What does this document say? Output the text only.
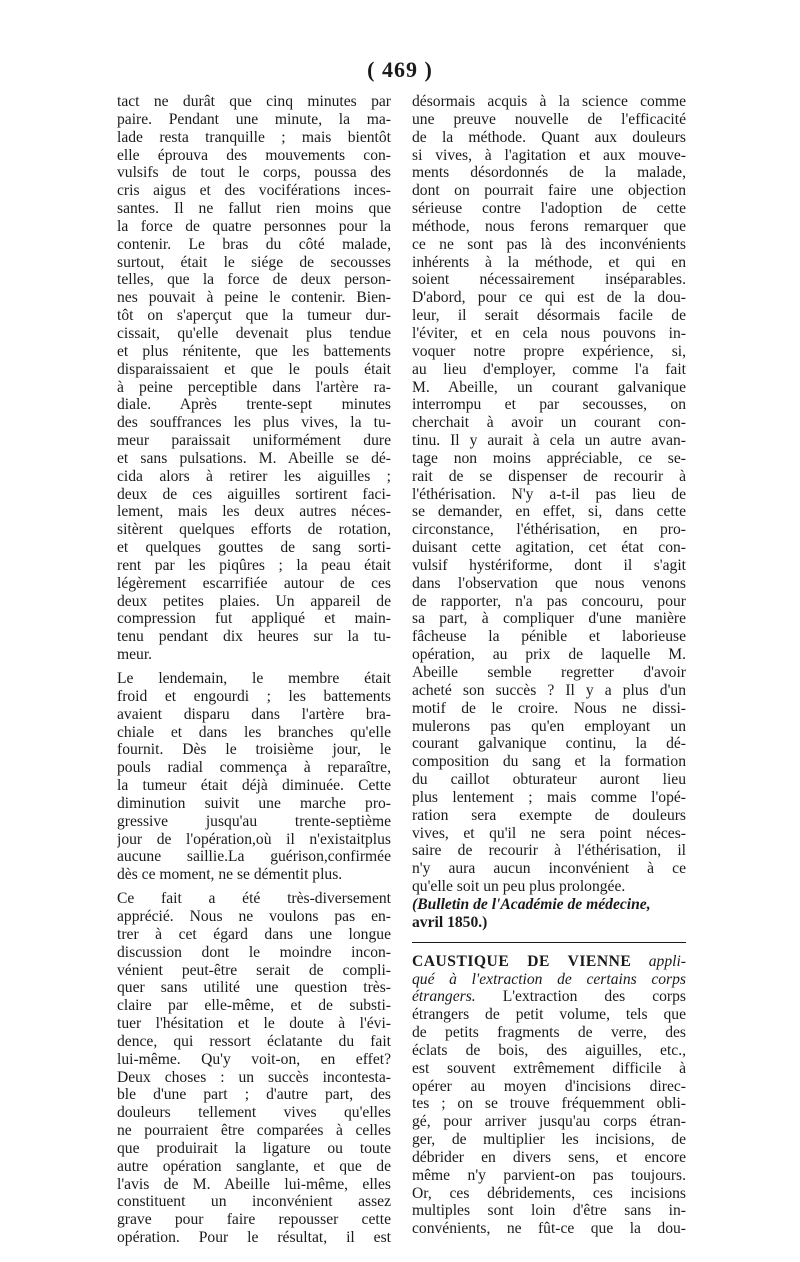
( 469 )
tact ne durât que cinq minutes par
paire. Pendant une minute, la ma-
lade resta tranquille ; mais bientôt
elle éprouva des mouvements con-
vulsifs de tout le corps, poussa des
cris aigus et des vociférations inces-
santes. Il ne fallut rien moins que
la force de quatre personnes pour la
contenir. Le bras du côté malade,
surtout, était le siége de secousses
telles, que la force de deux person-
nes pouvait à peine le contenir. Bien-
tôt on s'aperçut que la tumeur dur-
cissait, qu'elle devenait plus tendue
et plus rénitente, que les battements
disparaissaient et que le pouls était
à peine perceptible dans l'artère ra-
diale. Après trente-sept minutes
des souffrances les plus vives, la tu-
meur paraissait uniformément dure
et sans pulsations. M. Abeille se dé-
cida alors à retirer les aiguilles ;
deux de ces aiguilles sortirent faci-
lement, mais les deux autres néces-
sitèrent quelques efforts de rotation,
et quelques gouttes de sang sorti-
rent par les piqûres ; la peau était
légèrement escarrifiée autour de ces
deux petites plaies. Un appareil de
compression fut appliqué et main-
tenu pendant dix heures sur la tu-
meur.
Le lendemain, le membre était
froid et engourdi ; les battements
avaient disparu dans l'artère bra-
chiale et dans les branches qu'elle
fournit. Dès le troisième jour, le
pouls radial commença à reparaître,
la tumeur était déjà diminuée. Cette
diminution suivit une marche pro-
gressive jusqu'au trente-septième
jour de l'opération,où il n'existaitplus
aucune saillie.La guérison,confirmée
dès ce moment, ne se démentit plus.
Ce fait a été très-diversement
apprécié. Nous ne voulons pas en-
trer à cet égard dans une longue
discussion dont le moindre incon-
vénient peut-être serait de compli-
quer sans utilité une question très-
claire par elle-même, et de substi-
tuer l'hésitation et le doute à l'évi-
dence, qui ressort éclatante du fait
lui-même. Qu'y voit-on, en effet?
Deux choses : un succès incontesta-
ble d'une part ; d'autre part, des
douleurs tellement vives qu'elles
ne pourraient être comparées à celles
que produirait la ligature ou toute
autre opération sanglante, et que de
l'avis de M. Abeille lui-même, elles
constituent un inconvénient assez
grave pour faire repousser cette
opération. Pour le résultat, il est
désormais acquis à la science comme
une preuve nouvelle de l'efficacité
de la méthode. Quant aux douleurs
si vives, à l'agitation et aux mouve-
ments désordonnés de la malade,
dont on pourrait faire une objection
sérieuse contre l'adoption de cette
méthode, nous ferons remarquer que
ce ne sont pas là des inconvénients
inhérents à la méthode, et qui en
soient nécessairement inséparables.
D'abord, pour ce qui est de la dou-
leur, il serait désormais facile de
l'éviter, et en cela nous pouvons in-
voquer notre propre expérience, si,
au lieu d'employer, comme l'a fait
M. Abeille, un courant galvanique
interrompu et par secousses, on
cherchait à avoir un courant con-
tinu. Il y aurait à cela un autre avan-
tage non moins appréciable, ce se-
rait de se dispenser de recourir à
l'éthérisation. N'y a-t-il pas lieu de
se demander, en effet, si, dans cette
circonstance, l'éthérisation, en pro-
duisant cette agitation, cet état con-
vulsif hystériforme, dont il s'agit
dans l'observation que nous venons
de rapporter, n'a pas concouru, pour
sa part, à compliquer d'une manière
fâcheuse la pénible et laborieuse
opération, au prix de laquelle M.
Abeille semble regretter d'avoir
acheté son succès ? Il y a plus d'un
motif de le croire. Nous ne dissi-
mulerons pas qu'en employant un
courant galvanique continu, la dé-
composition du sang et la formation
du caillot obturateur auront lieu
plus lentement ; mais comme l'opé-
ration sera exempte de douleurs
vives, et qu'il ne sera point néces-
saire de recourir à l'éthérisation, il
n'y aura aucun inconvénient à ce
qu'elle soit un peu plus prolongée.
(Bulletin de l'Académie de médecine,
avril 1850.)
CAUSTIQUE DE VIENNE appli-
qué à l'extraction de certains corps
étrangers. L'extraction des corps
étrangers de petit volume, tels que
de petits fragments de verre, des
éclats de bois, des aiguilles, etc.,
est souvent extrêmement difficile à
opérer au moyen d'incisions direc-
tes ; on se trouve fréquemment obli-
gé, pour arriver jusqu'au corps étran-
ger, de multiplier les incisions, de
débrider en divers sens, et encore
même n'y parvient-on pas toujours.
Or, ces débridements, ces incisions
multiples sont loin d'être sans in-
convénients, ne fût-ce que la dou-
